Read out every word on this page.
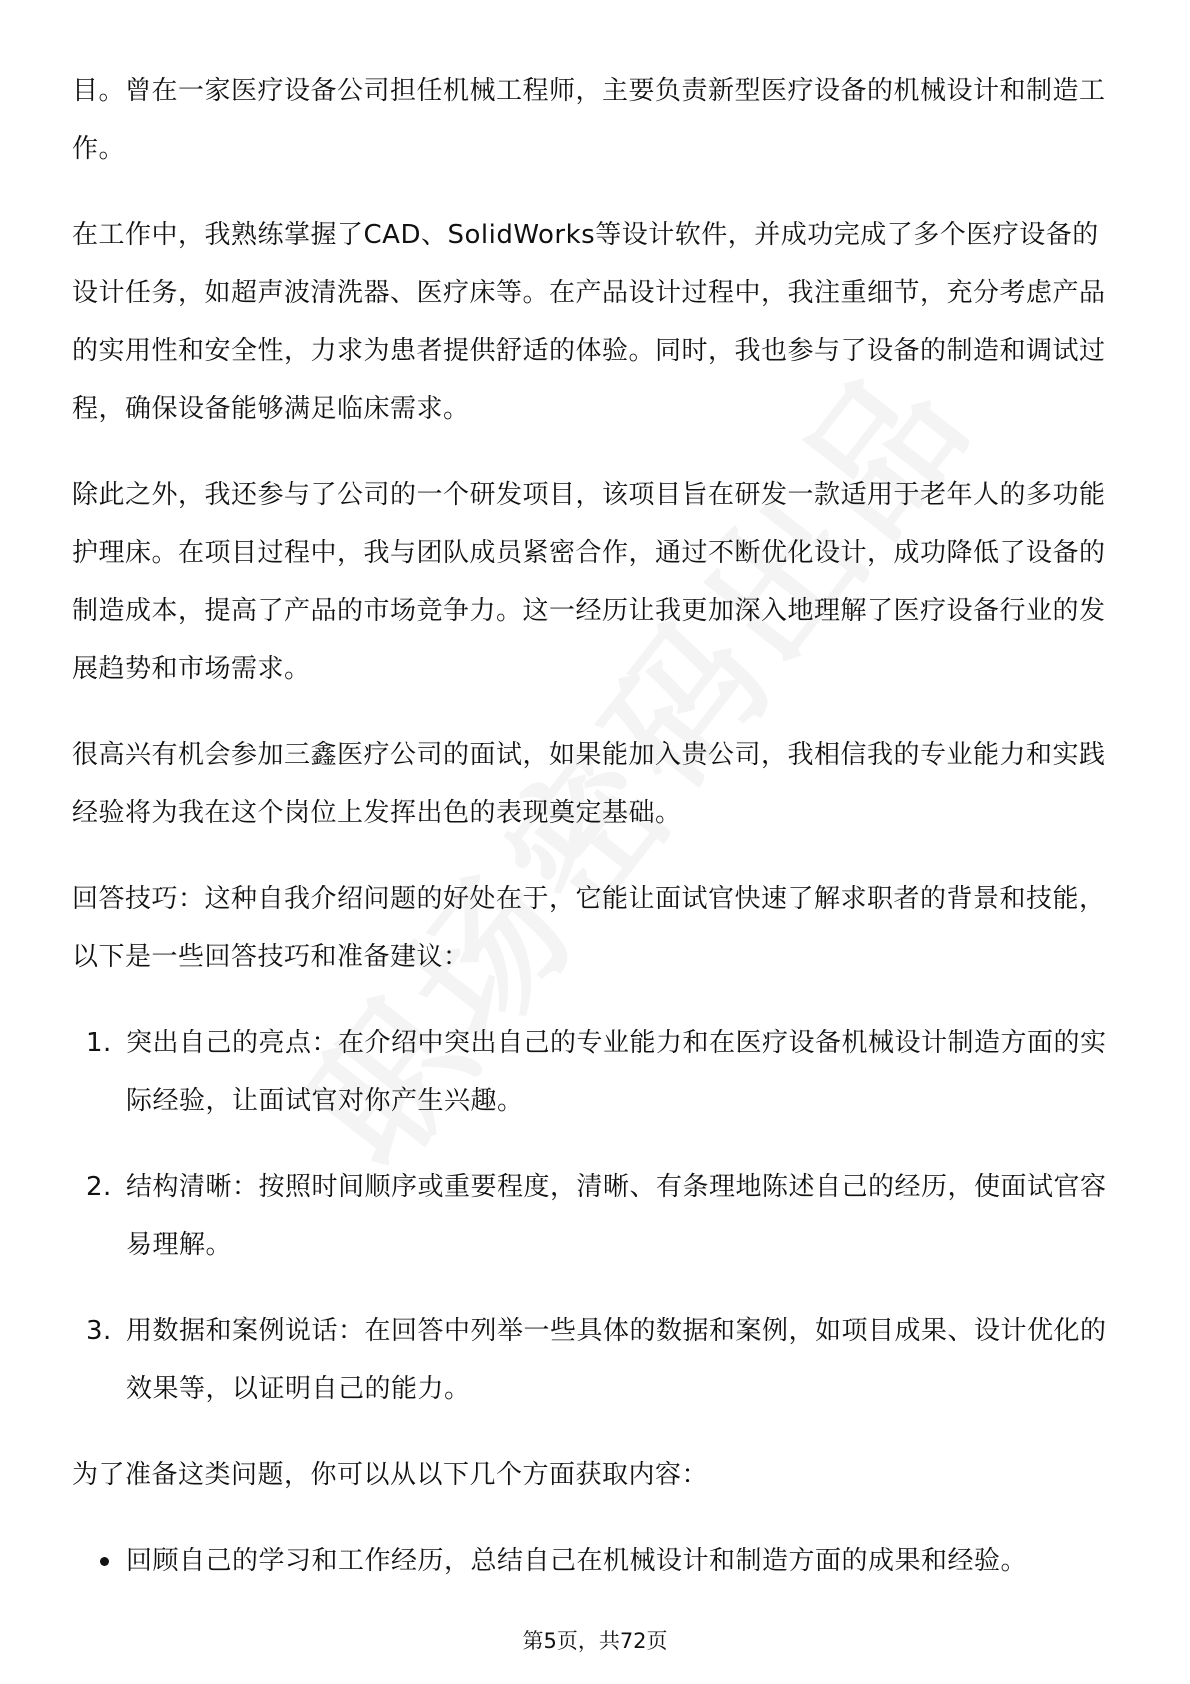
目。曾在一家医疗设备公司担任机械工程师，主要负责新型医疗设备的机械设计和制造工作。

在工作中，我熟练掌握了CAD、SolidWorks等设计软件，并成功完成了多个医疗设备的设计任务，如超声波清洗器、医疗床等。在产品设计过程中，我注重细节，充分考虑产品的实用性和安全性，力求为患者提供舒适的体验。同时，我也参与了设备的制造和调试过程，确保设备能够满足临床需求。

除此之外，我还参与了公司的一个研发项目，该项目旨在研发一款适用于老年人的多功能护理床。在项目过程中，我与团队成员紧密合作，通过不断优化设计，成功降低了设备的制造成本，提高了产品的市场竞争力。这一经历让我更加深入地理解了医疗设备行业的发展趋势和市场需求。

很高兴有机会参加三鑫医疗公司的面试，如果能加入贵公司，我相信我的专业能力和实践经验将为我在这个岗位上发挥出色的表现奠定基础。

回答技巧：这种自我介绍问题的好处在于，它能让面试官快速了解求职者的背景和技能，以下是一些回答技巧和准备建议：

1. 突出自己的亮点：在介绍中突出自己的专业能力和在医疗设备机械设计制造方面的实际经验，让面试官对你产生兴趣。
2. 结构清晰：按照时间顺序或重要程度，清晰、有条理地陈述自己的经历，使面试官容易理解。
3. 用数据和案例说话：在回答中列举一些具体的数据和案例，如项目成果、设计优化的效果等，以证明自己的能力。

为了准备这类问题，你可以从以下几个方面获取内容：

回顾自己的学习和工作经历，总结自己在机械设计和制造方面的成果和经验。
第5页，共72页
